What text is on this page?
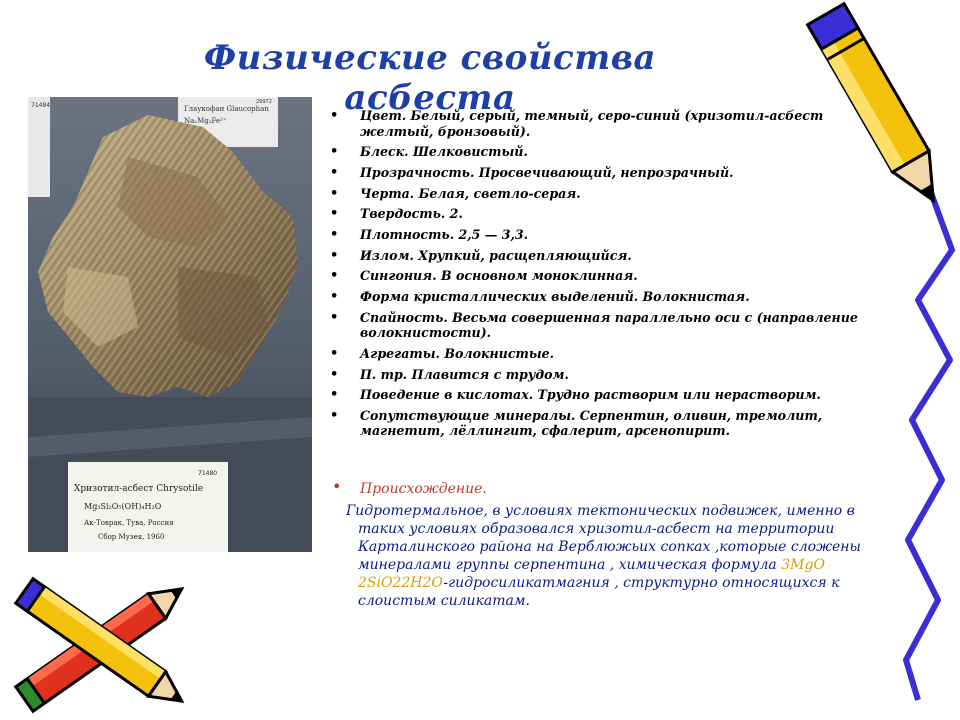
Физические свойства асбеста
71484	Глаукофан Glaucophan
Na₂Mg₃Fe²⁺
29972
71480
Хризотил-асбест Chrysotile
Mg₃Si₂O₅(OH)₄H₂O
Ак-Товрак, Тува, Россия
Сбор Музея, 1960
• Цвет. Белый, серый, темный, серо-синий (хризотил-асбест желтый, бронзовый).
• Блеск. Шелковистый.
• Прозрачность. Просвечивающий, непрозрачный.
• Черта. Белая, светло-серая.
• Твердость. 2.
• Плотность. 2,5 — 3,3.
• Излом. Хрупкий, расщепляющийся.
• Сингония. В основном моноклинная.
• Форма кристаллических выделений. Волокнистая.
• Спайность. Весьма совершенная параллельно оси с (направление волокнистости).
• Агрегаты. Волокнистые.
• П. тр. Плавится с трудом.
• Поведение в кислотах. Трудно растворим или нерастворим.
• Сопутствующие минералы. Серпентин, оливин, тремолит, магнетит, лёллингит, сфалерит, арсенопирит.
• Происхождение.
Гидротермальное, в условиях тектонических подвижек, именно в таких условиях образовался хризотил-асбест на территории Карталинского района на Верблюжьих сопках ,которые сложены минералами группы серпентина , химическая формула 3MgO 2SiO22H2O-гидросиликатмагния , структурно относящихся к слоистым силикатам.
